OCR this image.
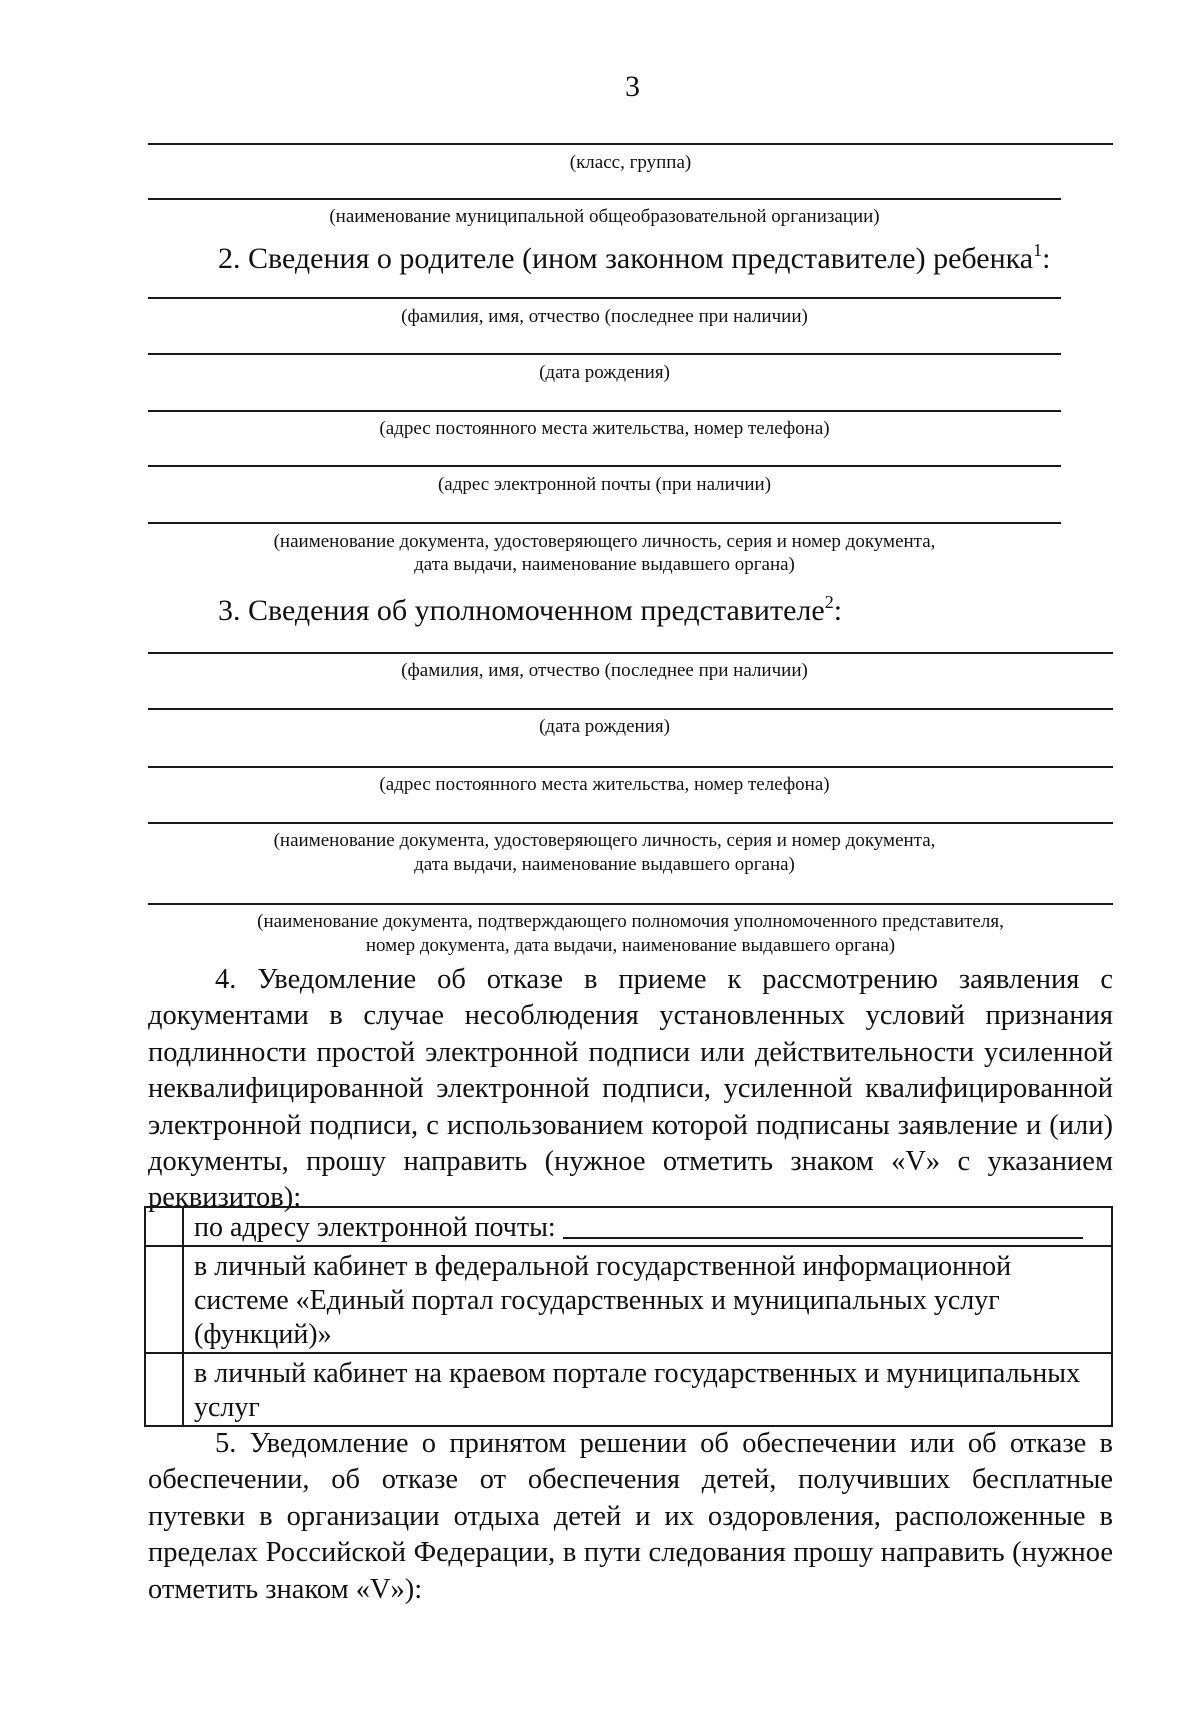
3
(класс, группа)
(наименование муниципальной общеобразовательной организации)
2. Сведения о родителе (ином законном представителе) ребенка$^1$:
(фамилия, имя, отчество (последнее при наличии)
(дата рождения)
(адрес постоянного места жительства, номер телефона)
(адрес электронной почты (при наличии)
(наименование документа, удостоверяющего личность, серия и номер документа,
дата выдачи, наименование выдавшего органа)
3. Сведения об уполномоченном представителе$^2$:
(фамилия, имя, отчество (последнее при наличии)
(дата рождения)
(адрес постоянного места жительства, номер телефона)
(наименование документа, удостоверяющего личность, серия и номер документа,
дата выдачи, наименование выдавшего органа)
(наименование документа, подтверждающего полномочия уполномоченного представителя,
номер документа, дата выдачи, наименование выдавшего органа)
4. Уведомление об отказе в приеме к рассмотрению заявления с документами в случае несоблюдения установленных условий признания подлинности простой электронной подписи или действительности усиленной неквалифицированной электронной подписи, усиленной квалифицированной электронной подписи, с использованием которой подписаны заявление и (или) документы, прошу направить (нужное отметить знаком «V» с указанием реквизитов):
	по адресу электронной почты:
	в личный кабинет в федеральной государственной информационной системе «Единый портал государственных и муниципальных услуг (функций)»
	в личный кабинет на краевом портале государственных и муниципальных услуг
5. Уведомление о принятом решении об обеспечении или об отказе в обеспечении, об отказе от обеспечения детей, получивших бесплатные путевки в организации отдыха детей и их оздоровления, расположенные в пределах Российской Федерации, в пути следования прошу направить (нужное отметить знаком «V»):
